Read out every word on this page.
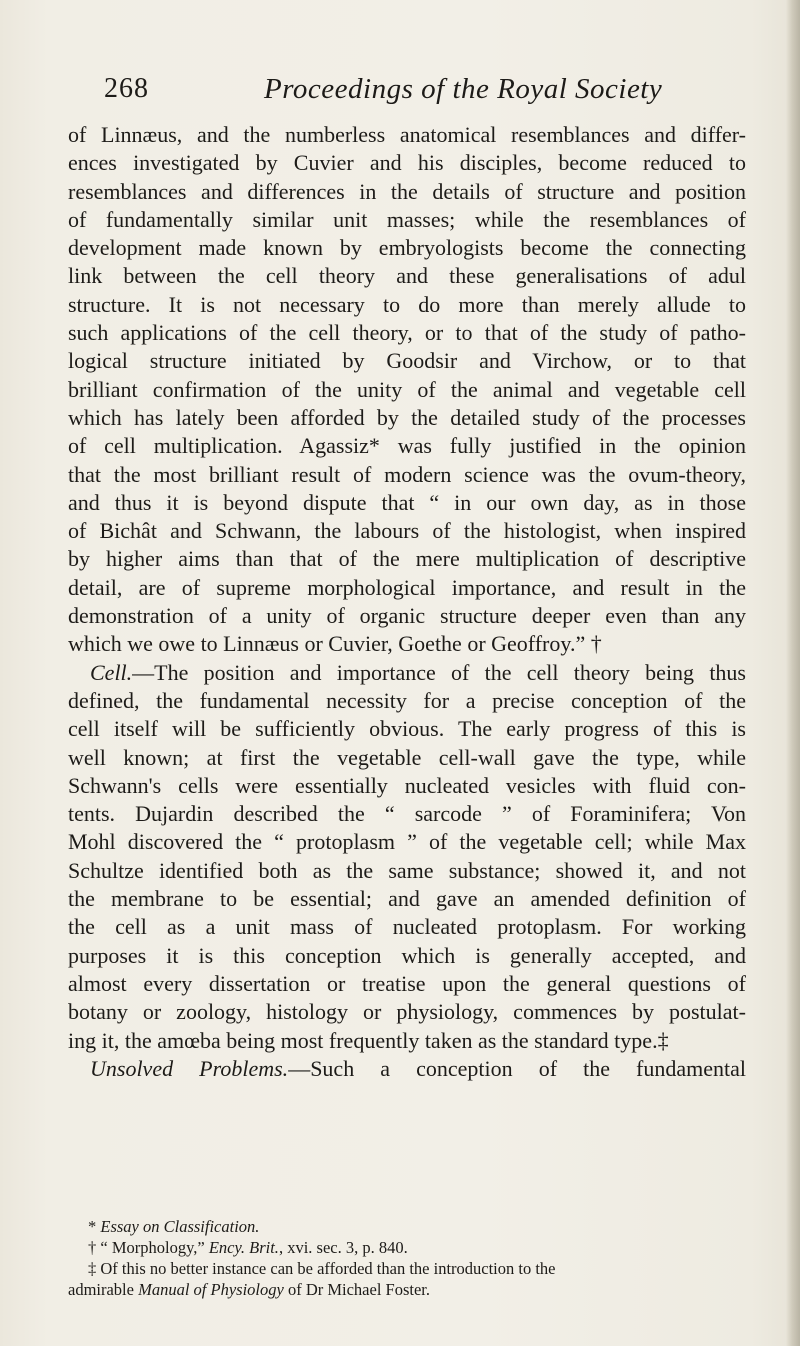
268	Proceedings of the Royal Society
of Linnæus, and the numberless anatomical resemblances and differ-
ences investigated by Cuvier and his disciples, become reduced to
resemblances and differences in the details of structure and position
of fundamentally similar unit masses; while the resemblances of
development made known by embryologists become the connecting
link between the cell theory and these generalisations of adul
structure. It is not necessary to do more than merely allude to
such applications of the cell theory, or to that of the study of patho-
logical structure initiated by Goodsir and Virchow, or to that
brilliant confirmation of the unity of the animal and vegetable cell
which has lately been afforded by the detailed study of the processes
of cell multiplication. Agassiz* was fully justified in the opinion
that the most brilliant result of modern science was the ovum-theory,
and thus it is beyond dispute that “ in our own day, as in those
of Bichât and Schwann, the labours of the histologist, when inspired
by higher aims than that of the mere multiplication of descriptive
detail, are of supreme morphological importance, and result in the
demonstration of a unity of organic structure deeper even than any
which we owe to Linnæus or Cuvier, Goethe or Geoffroy.” †
Cell.—The position and importance of the cell theory being thus
defined, the fundamental necessity for a precise conception of the
cell itself will be sufficiently obvious. The early progress of this is
well known; at first the vegetable cell-wall gave the type, while
Schwann's cells were essentially nucleated vesicles with fluid con-
tents. Dujardin described the “ sarcode ” of Foraminifera; Von
Mohl discovered the “ protoplasm ” of the vegetable cell; while Max
Schultze identified both as the same substance; showed it, and not
the membrane to be essential; and gave an amended definition of
the cell as a unit mass of nucleated protoplasm. For working
purposes it is this conception which is generally accepted, and
almost every dissertation or treatise upon the general questions of
botany or zoology, histology or physiology, commences by postulat-
ing it, the amœba being most frequently taken as the standard type.‡
Unsolved Problems.—Such a conception of the fundamental
* Essay on Classification.
† “ Morphology,” Ency. Brit., xvi. sec. 3, p. 840.
‡ Of this no better instance can be afforded than the introduction to the
admirable Manual of Physiology of Dr Michael Foster.
